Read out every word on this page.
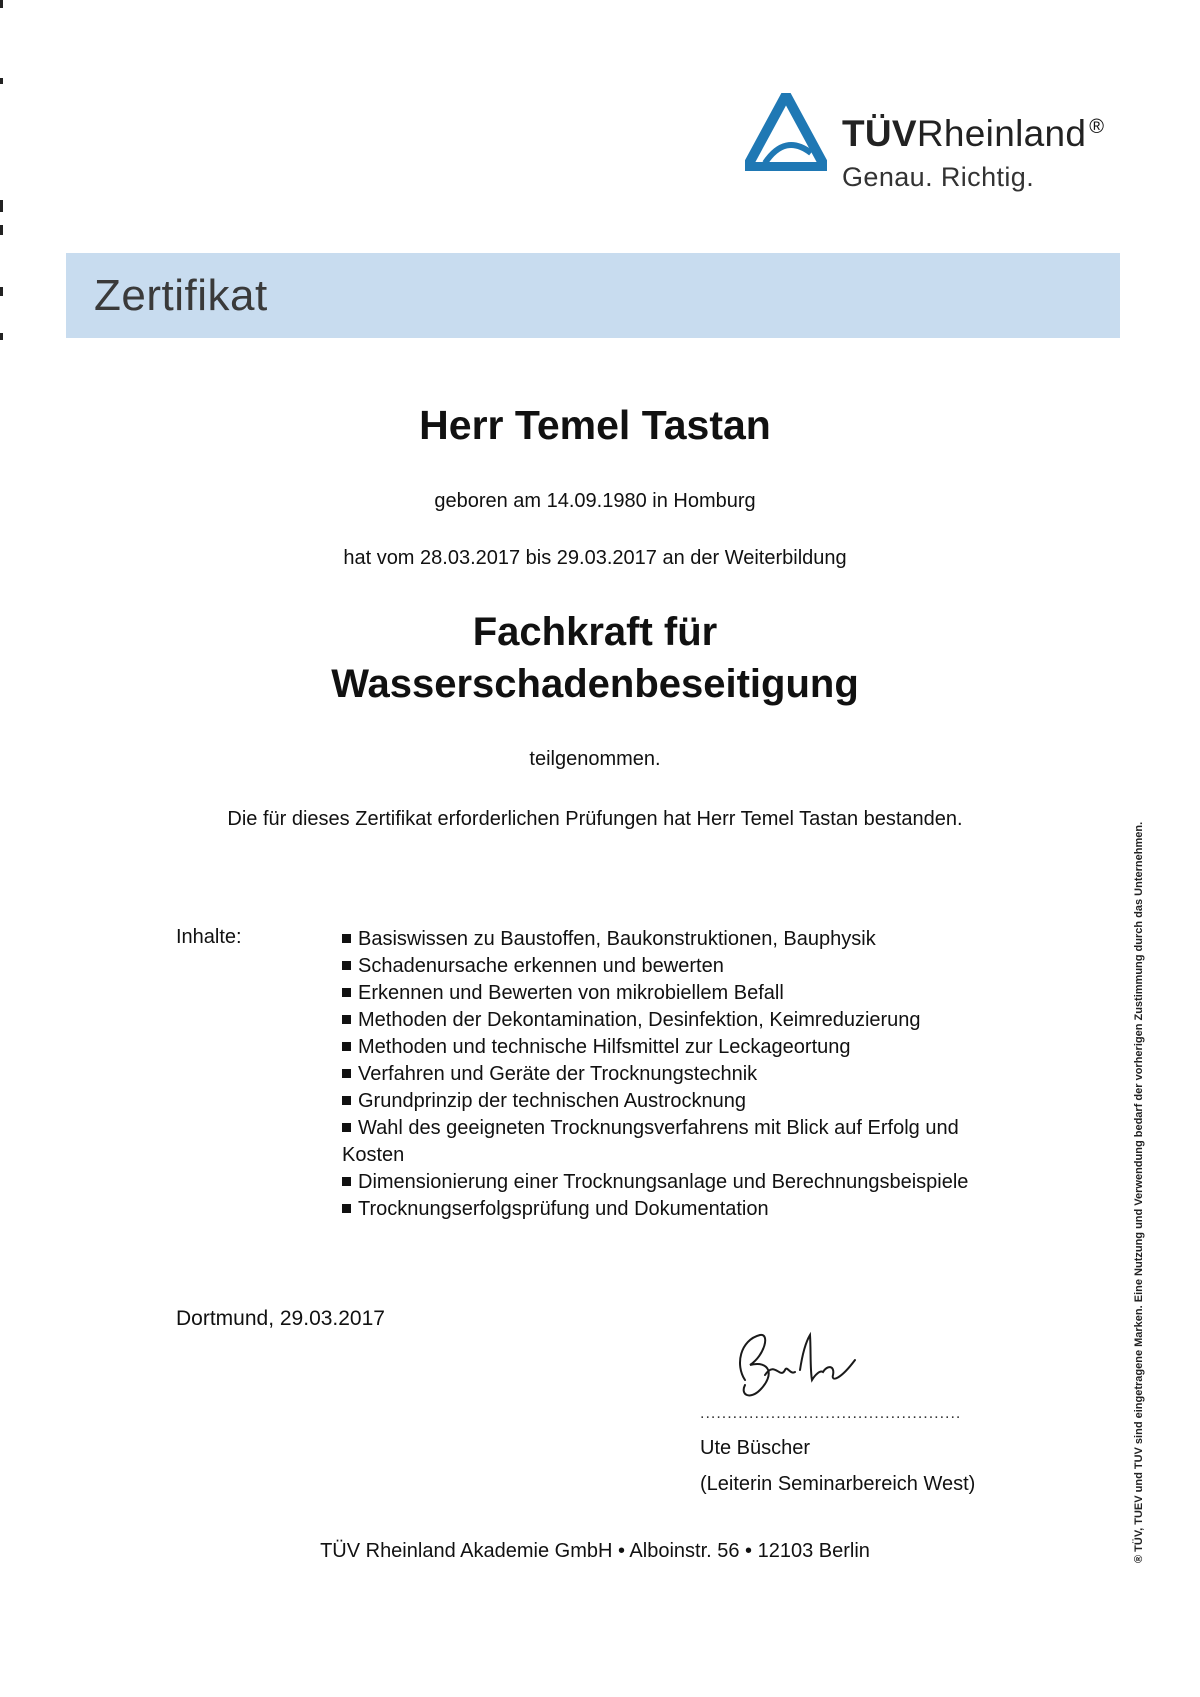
TÜVRheinland ®
Genau. Richtig.
Zertifikat
Herr Temel Tastan
geboren am 14.09.1980 in Homburg
hat vom 28.03.2017 bis 29.03.2017 an der Weiterbildung
Fachkraft für
Wasserschadenbeseitigung
teilgenommen.
Die für dieses Zertifikat erforderlichen Prüfungen hat Herr Temel Tastan bestanden.
Inhalte:	Basiswissen zu Baustoffen, Baukonstruktionen, Bauphysik
Schadenursache erkennen und bewerten
Erkennen und Bewerten von mikrobiellem Befall
Methoden der Dekontamination, Desinfektion, Keimreduzierung
Methoden und technische Hilfsmittel zur Leckageortung
Verfahren und Geräte der Trocknungstechnik
Grundprinzip der technischen Austrocknung
Wahl des geeigneten Trocknungsverfahrens mit Blick auf Erfolg und Kosten
Dimensionierung einer Trocknungsanlage und Berechnungsbeispiele
Trocknungserfolgsprüfung und Dokumentation
Dortmund, 29.03.2017
................................................
Ute Büscher
(Leiterin Seminarbereich West)
TÜV Rheinland Akademie GmbH • Alboinstr. 56 • 12103 Berlin	® TÜV, TUEV und TUV sind eingetragene Marken. Eine Nutzung und Verwendung bedarf der vorherigen Zustimmung durch das Unternehmen.
